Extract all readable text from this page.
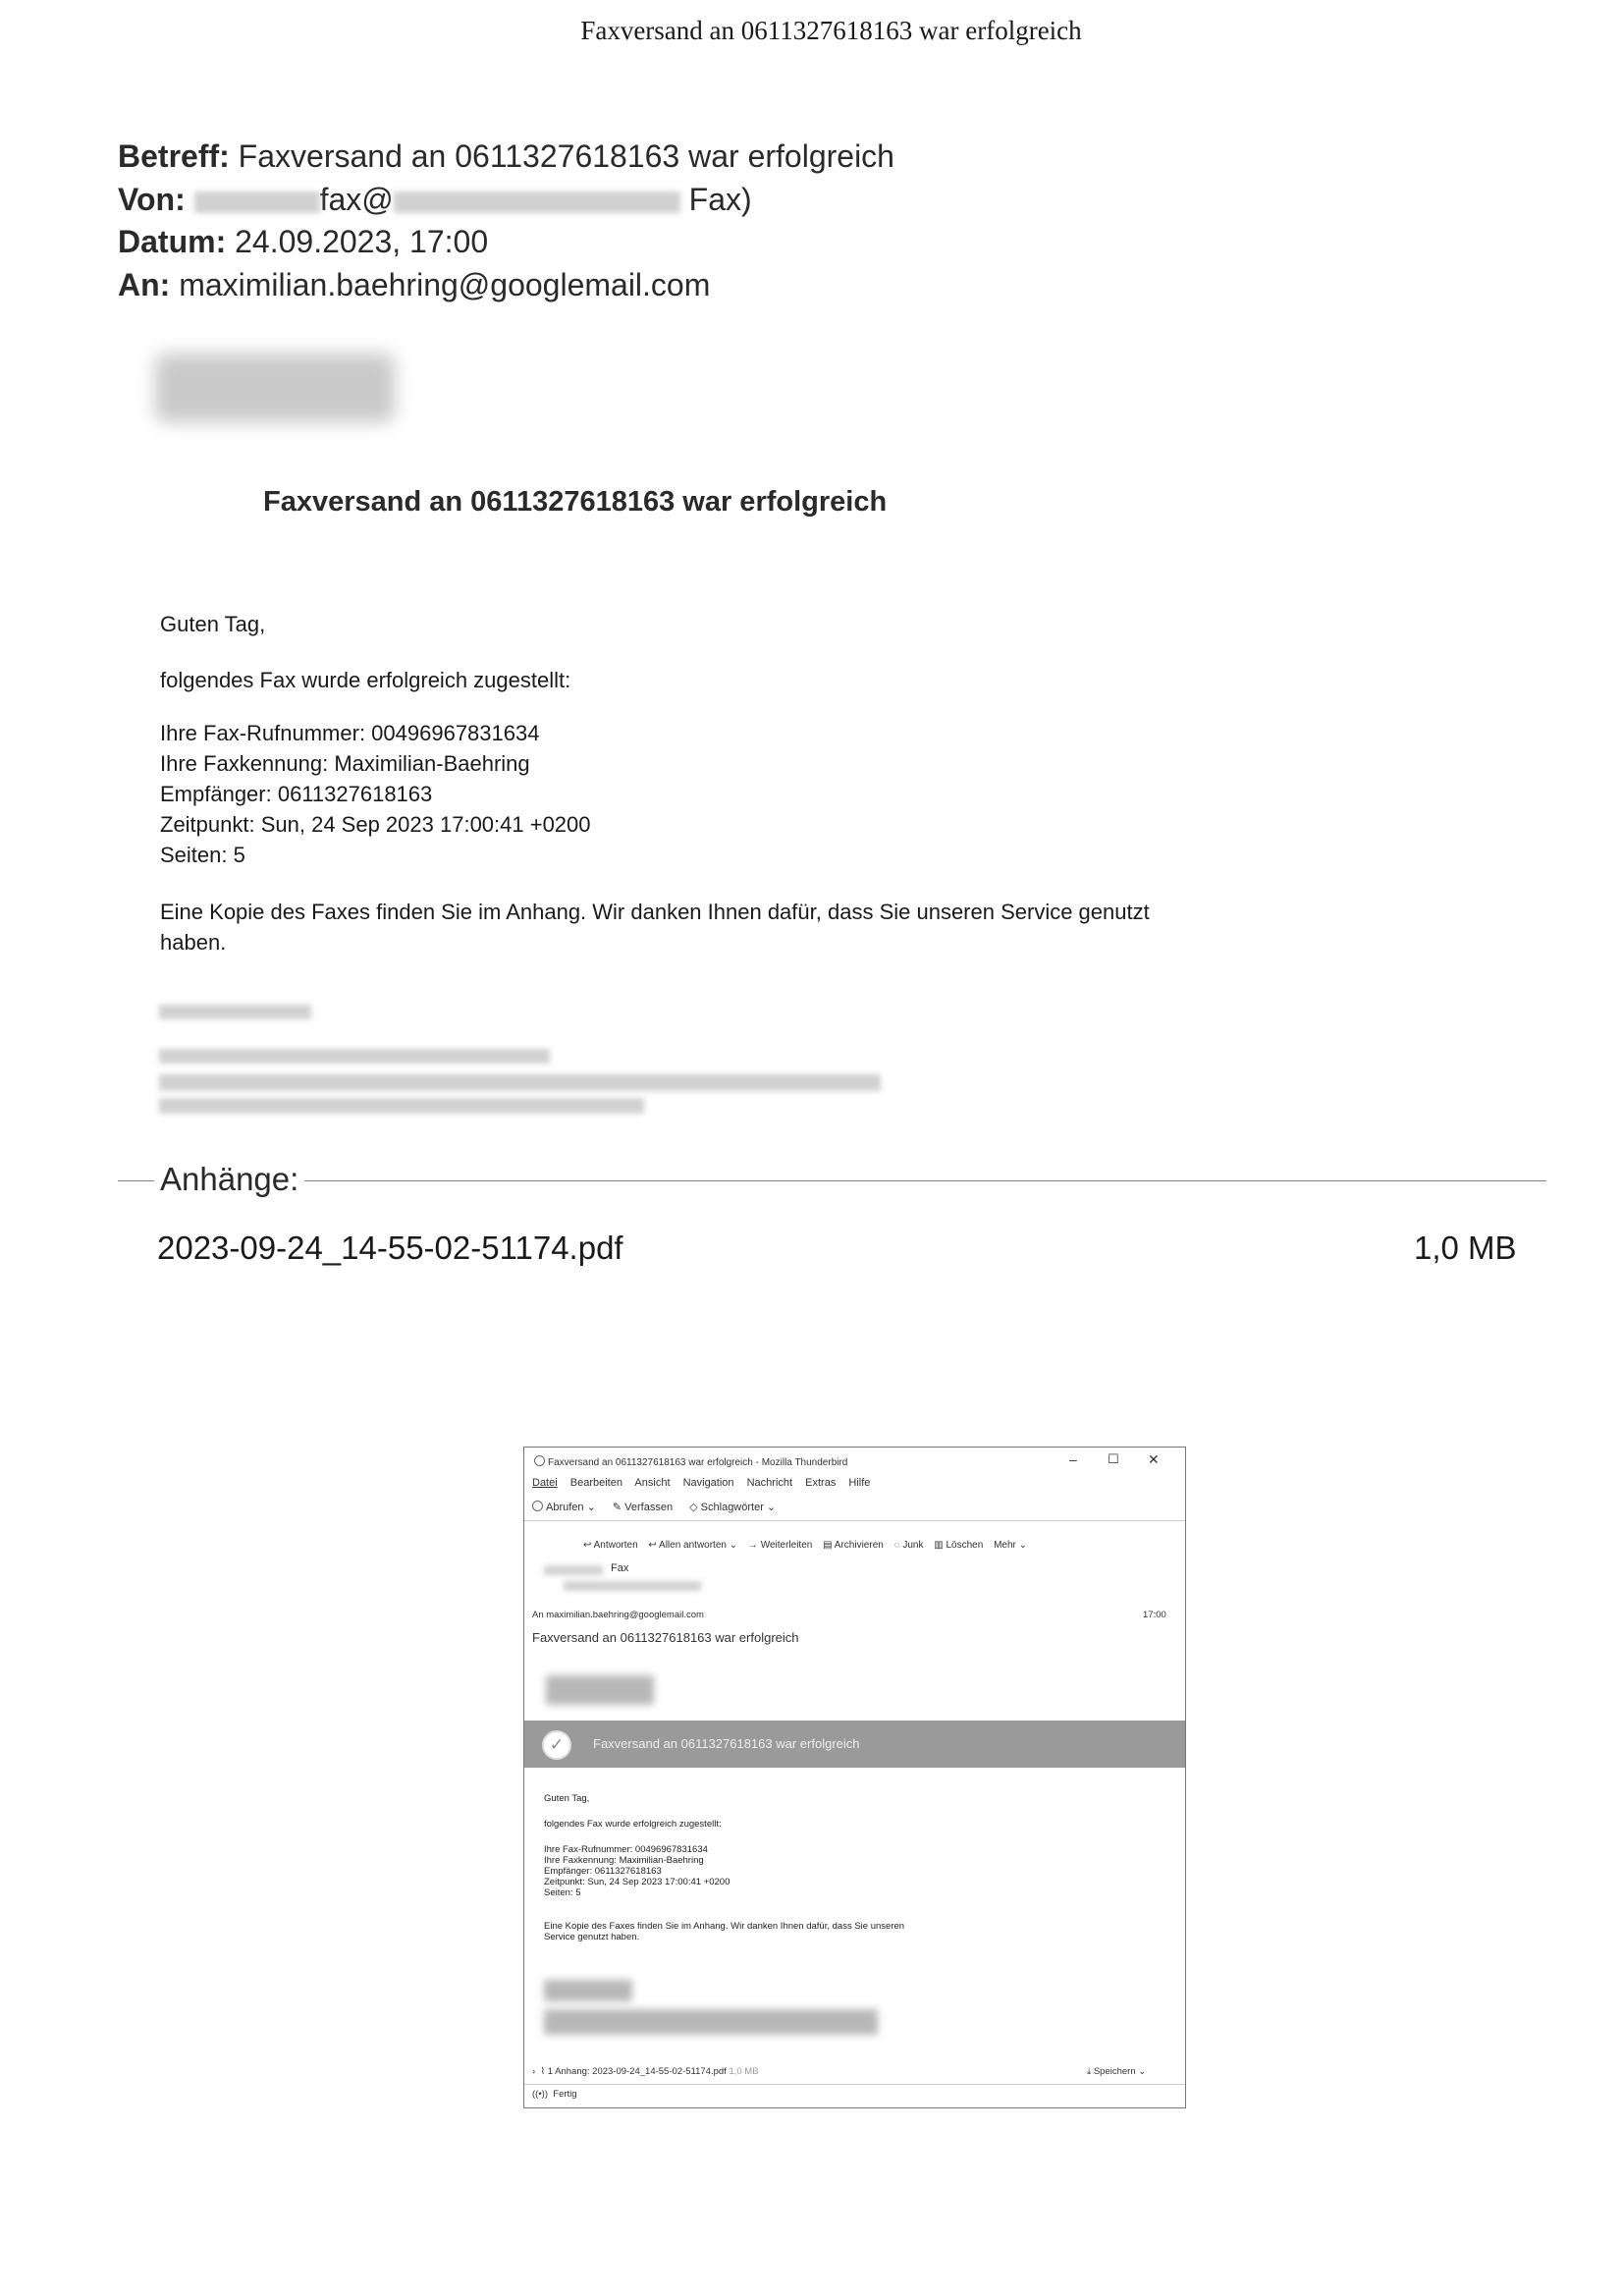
Faxversand an 0611327618163 war erfolgreich
Betreff: Faxversand an 0611327618163 war erfolgreich
Von:	fax@	Fax)
Datum: 24.09.2023, 17:00
An: maximilian.baehring@googlemail.com
Faxversand an 0611327618163 war erfolgreich
Guten Tag,
folgendes Fax wurde erfolgreich zugestellt:
Ihre Fax-Rufnummer: 00496967831634
Ihre Faxkennung: Maximilian-Baehring
Empfänger: 0611327618163
Zeitpunkt: Sun, 24 Sep 2023 17:00:41 +0200
Seiten: 5
Eine Kopie des Faxes finden Sie im Anhang. Wir danken Ihnen dafür, dass Sie unseren Service genutzt
haben.
Anhänge:
2023-09-24_14-55-02-51174.pdf	1,0 MB
Faxversand an 0611327618163 war erfolgreich - Mozilla Thunderbird	– ☐ ✕
Datei Bearbeiten Ansicht Navigation Nachricht Extras Hilfe
Abrufen ⌄ ✎ Verfassen ◇ Schlagwörter ⌄
↩ Antworten ↩ Allen antworten ⌄ → Weiterleiten ▤ Archivieren ◌ Junk ▥ Löschen Mehr ⌄
Fax
An maximilian.baehring@googlemail.com	17:00
Faxversand an 0611327618163 war erfolgreich
✓	Faxversand an 0611327618163 war erfolgreich
Guten Tag,
folgendes Fax wurde erfolgreich zugestellt:
Ihre Fax-Rufnummer: 00496967831634
Ihre Faxkennung: Maximilian-Baehring
Empfänger: 0611327618163
Zeitpunkt: Sun, 24 Sep 2023 17:00:41 +0200
Seiten: 5
Eine Kopie des Faxes finden Sie im Anhang. Wir danken Ihnen dafür, dass Sie unseren
Service genutzt haben.
› ⌇ 1 Anhang: 2023-09-24_14-55-02-51174.pdf 1,0 MB	⤓ Speichern ⌄
((•)) Fertig
